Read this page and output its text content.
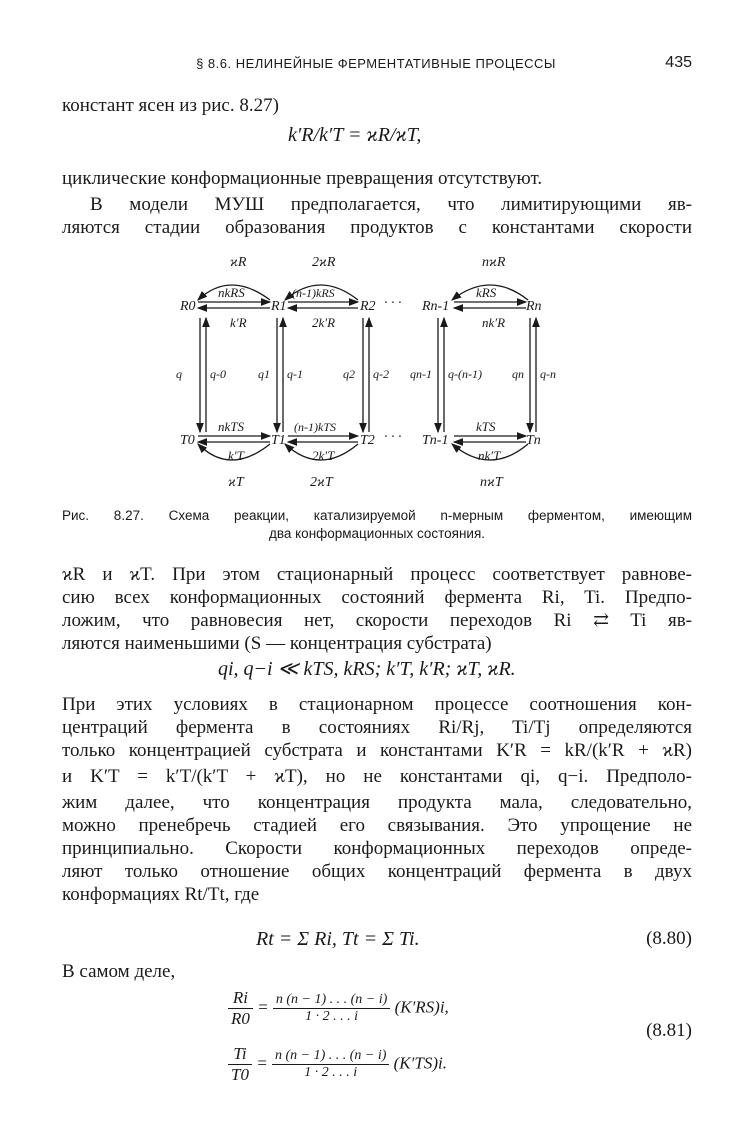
§ 8.6. НЕЛИНЕЙНЫЕ ФЕРМЕНТАТИВНЫЕ ПРОЦЕССЫ	435
констант ясен из рис. 8.27)
k′R/k′T = ϰR/ϰT,
циклические конформационные превращения отсутствуют.
В модели МУШ предполагается, что лимитирующими яв-
ляются стадии образования продуктов с константами скорости
ϰR	2ϰR	nϰR
nkRS	(n-1)kRS	kRS
k′R	2k′R	nk′R
R0	R1	R2 · · · Rn-1	Rn
q q-0	q1 q-1	q2 q-2 qn-1 q-(n-1)	qn q-n
nkTS	(n-1)kTS	kTS
k′T	2k′T	nk′T
T0	T1	T2 · · · Tn-1	Tn
ϰT	2ϰT	nϰT
Рис. 8.27. Схема реакции, катализируемой n-мерным ферментом, имеющим
два конформационных состояния.
ϰR и ϰT. При этом стационарный процесс соответствует равнове-
сию всех конформационных состояний фермента Ri, Ti. Предпо-
ложим, что равновесия нет, скорости переходов Ri ⇄ Ti яв-
ляются наименьшими (S — концентрация субстрата)
qi, q−i ≪ kTS, kRS; k′T, k′R; ϰT, ϰR.
При этих условиях в стационарном процессе соотношения кон-
центраций фермента в состояниях Ri/Rj, Ti/Tj определяются
только концентрацией субстрата и константами K′R = kR/(k′R + ϰR)
и K′T = k′T/(k′T + ϰT), но не константами qi, q−i. Предполо-
жим далее, что концентрация продукта мала, следовательно,
можно пренебречь стадией его связывания. Это упрощение не
принципиально. Скорости конформационных переходов опреде-
ляют только отношение общих концентраций фермента в двух
конформациях Rt/Tt, где
Rt = Σ Ri, Tt = Σ Ti.	(8.80)
В самом деле,
$\frac{Ri}{R0} = \frac{n (n - 1) . . . (n - i)}{1 \cdot 2 . . . i} (K'RS)i$,
$\frac{Ti}{T0} = \frac{n (n - 1) . . . (n - i)}{1 \cdot 2 . . . i} (K'TS)i$.
(8.81)
